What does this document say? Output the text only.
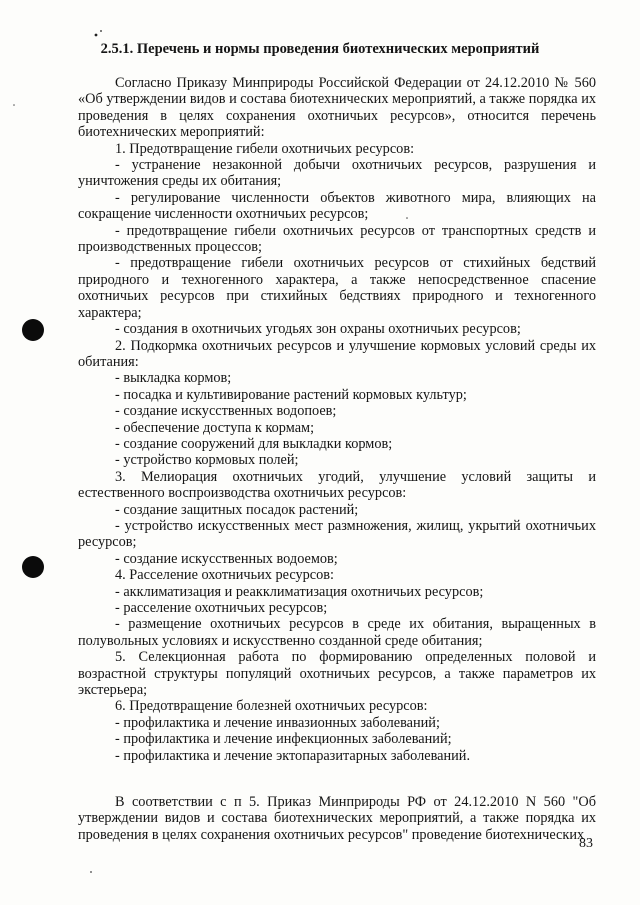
2.5.1. Перечень и нормы проведения биотехнических мероприятий

Согласно Приказу Минприроды Российской Федерации от 24.12.2010 № 560 «Об утверждении видов и состава биотехнических мероприятий, а также порядка их проведения в целях сохранения охотничьих ресурсов», относится перечень биотехнических мероприятий:

1. Предотвращение гибели охотничьих ресурсов:

- устранение незаконной добычи охотничьих ресурсов, разрушения и уничтожения среды их обитания;

- регулирование численности объектов животного мира, влияющих на сокращение численности охотничьих ресурсов;

- предотвращение гибели охотничьих ресурсов от транспортных средств и производственных процессов;

- предотвращение гибели охотничьих ресурсов от стихийных бедствий природного и техногенного характера, а также непосредственное спасение охотничьих ресурсов при стихийных бедствиях природного и техногенного характера;

- создания в охотничьих угодьях зон охраны охотничьих ресурсов;

2. Подкормка охотничьих ресурсов и улучшение кормовых условий среды их обитания:

- выкладка кормов;

- посадка и культивирование растений кормовых культур;

- создание искусственных водопоев;

- обеспечение доступа к кормам;

- создание сооружений для выкладки кормов;

- устройство кормовых полей;

3. Мелиорация охотничьих угодий, улучшение условий защиты и естественного воспроизводства охотничьих ресурсов:

- создание защитных посадок растений;

- устройство искусственных мест размножения, жилищ, укрытий охотничьих ресурсов;

- создание искусственных водоемов;

4. Расселение охотничьих ресурсов:

- акклиматизация и реакклиматизация охотничьих ресурсов;

- расселение охотничьих ресурсов;

- размещение охотничьих ресурсов в среде их обитания, выращенных в полувольных условиях и искусственно созданной среде обитания;

5. Селекционная работа по формированию определенных половой и возрастной структуры популяций охотничьих ресурсов, а также параметров их экстерьера;

6. Предотвращение болезней охотничьих ресурсов:

- профилактика и лечение инвазионных заболеваний;

- профилактика и лечение инфекционных заболеваний;

- профилактика и лечение эктопаразитарных заболеваний.

В соответствии с п 5. Приказ Минприроды РФ от 24.12.2010 N 560 "Об утверждении видов и состава биотехнических мероприятий, а также порядка их проведения в целях сохранения охотничьих ресурсов" проведение биотехнических

83
